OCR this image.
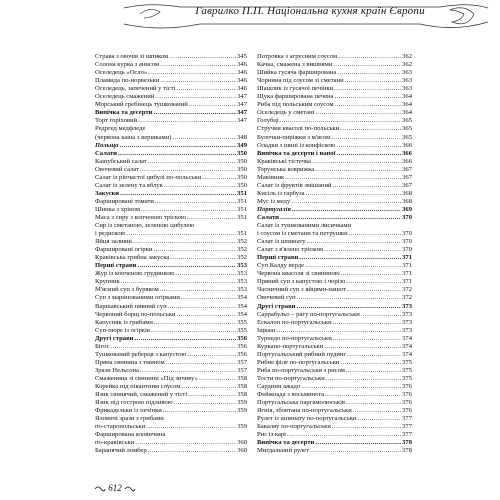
Гаврилко П.П. Національна кухня країн Європи
Страва з овочів зі шпиком .....	345
Солона курка з анисом .....	346
Оселедець «Осло» .....	346
Пламида по-норвезьки .....	346
Оселедець, запечений у тісті .....	346
Оселедець смажений .....	347
Морський гребінець тушкований .....	347
Випічка та десерти .....	347
Торт горіховий .....	347
Редргед медфледе
(червона каша з вершками) .....	348
Польща .....	349
Салати .....	350
Кашубський салат .....	350
Овочевий салат .....	350
Салат із ріпчастої цибулі по-польськи .....	350
Салат із зелену та яблук .....	350
Закуски .....	351
Фаршировані томати .....	351
Шинка з хріном .....	351
Маса з сиру з копченою тріскою .....	351
Сир із сметаною, зеленою цибулею
і редискою .....	351
Яйця заливні .....	352
Фаршировані огірки .....	352
Краківська грибна закуска .....	352
Перші страви .....	353
Жур із копченою грудинкою .....	353
Крупник .....	353
М'ясний суп з буряком .....	353
Суп з маринованими огірками .....	354
Варшавський пивний суп .....	354
Червоний борщ по-польськи .....	354
Капусняк із грибами .....	355
Суп-пюре із огірків .....	355
Другі страви .....	356
Бігос .....	356
Тушкований реберця з капустою .....	356
Пряна свинина з тмином .....	357
Зрази Нельсона .....	357
Смаженина зі свинини «Під зичиву» .....	358
Корейка під пікантним соусом .....	358
Язик свинячий, смажений у тісті .....	358
Язик під гострою підливою .....	359
Фрикадельки із печінки .....	359
Яловичі зрази з грибами
по-старопольськи .....	359
Фарширована яловичина
по-краківськи .....	360
Баранячий ломбер .....	360
Потровка з агрусним соусом .....	362
Качка, смажена з вишнями .....	362
Шийка гусяча фарширована .....	363
Чорнина під соусом зі сметани .....	363
Шашлик із гусячої печінки .....	363
Щука фарширована печена .....	364
Риба під польським соусом .....	364
Оселедець у сметані .....	364
Голубці .....	365
Стручки квасолі по-польськи .....	365
Булочки-пиріжки з м'ясом .....	365
Оладки з шині із конфіскою .....	366
Випічка та десерти і напої .....	366
Краківські тістечка .....	366
Торунська коврижка .....	367
Маківник .....	367
Салат із фруктів змішаний .....	367
Кисіль із гарбуза .....	368
Мус із меду .....	368
Португалія .....	369
Салати .....	370
Салат із тушкованими лисичками
і соусом із сметани та петрушки .....	370
Салат із шпинату .....	370
Салат з в'ялено тріскою .....	370
Перші страви .....	371
Суп Калду верде .....	371
Червона квасоля зі свининою .....	371
Пряний суп з капустою і чорізо .....	371
Часничний суп з яйцями-пашот .....	372
Овочевий суп .....	372
Другі страви .....	373
Саррабульо – рагу по-португальськи .....	373
Ескалоп по-португальськи .....	373
Іщкаш .....	373
Турнедо по-португальськи .....	374
Куркапо-португальськи .....	374
Португальський рибний пудинг .....	374
Рибне філе по-португальськи .....	375
Риба по-португальськи з рисом .....	375
Тости по-португальськи .....	375
Сардини ажадо .....	376
Фейжоада з восьминога .....	376
Португальська паргамолюськів .....	376
Ягнія, збовтана по-португальськи .....	376
Рулет із шпинату по-португальськи .....	377
Бакаляу по-португальськи .....	377
Рис із карі .....	377
Випічка та десерти .....	378
Мигдальний рулет .....	378
612
